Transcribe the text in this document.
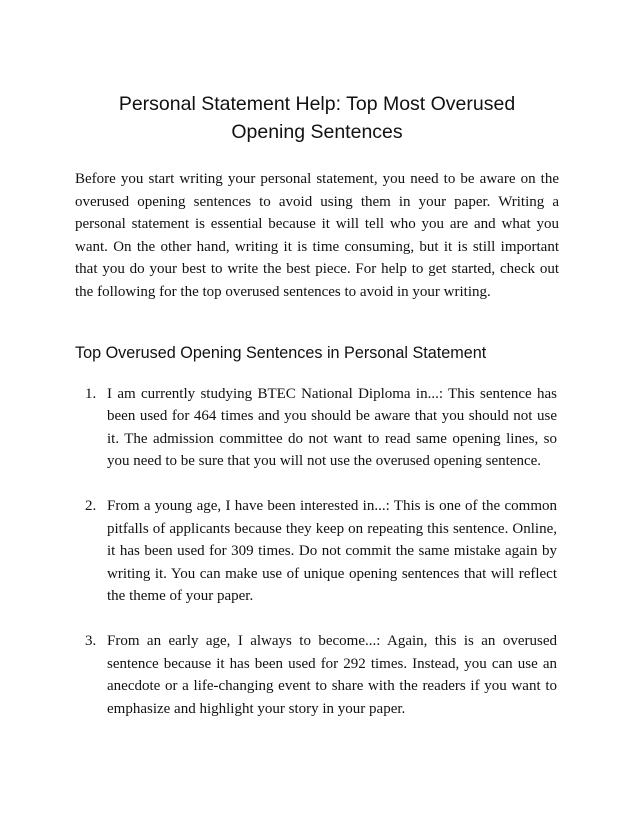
Personal Statement Help: Top Most Overused Opening Sentences

Before you start writing your personal statement, you need to be aware on the overused opening sentences to avoid using them in your paper. Writing a personal statement is essential because it will tell who you are and what you want. On the other hand, writing it is time consuming, but it is still important that you do your best to write the best piece. For help to get started, check out the following for the top overused sentences to avoid in your writing.

Top Overused Opening Sentences in Personal Statement
1. I am currently studying BTEC National Diploma in...: This sentence has been used for 464 times and you should be aware that you should not use it. The admission committee do not want to read same opening lines, so you need to be sure that you will not use the overused opening sentence.
2. From a young age, I have been interested in...: This is one of the common pitfalls of applicants because they keep on repeating this sentence. Online, it has been used for 309 times. Do not commit the same mistake again by writing it. You can make use of unique opening sentences that will reflect the theme of your paper.
3. From an early age, I always to become...: Again, this is an overused sentence because it has been used for 292 times. Instead, you can use an anecdote or a life-changing event to share with the readers if you want to emphasize and highlight your story in your paper.
